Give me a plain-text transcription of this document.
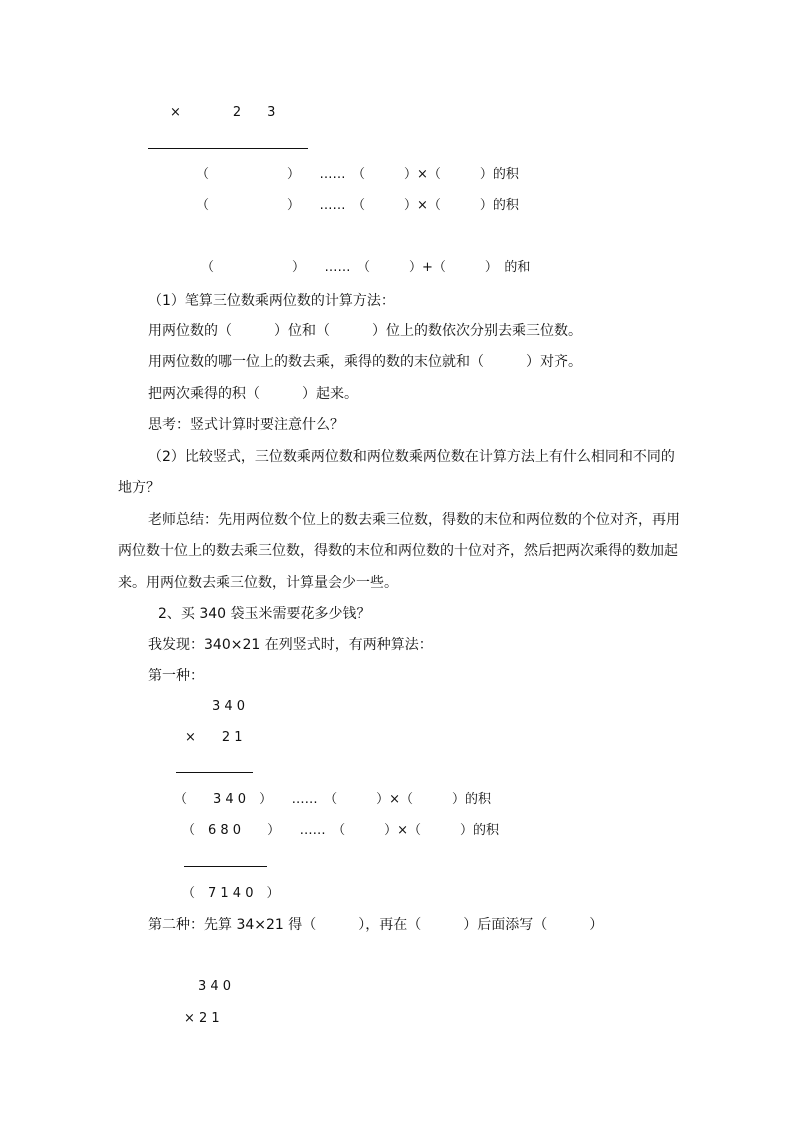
×　　　　2　　3
（　　　　　　）　　……　（　　　）×（　　　）的积
（　　　　　　）　　……　（　　　）×（　　　）的积
（　　　　　　）　　……　（　　　）+（　　　）　的和
（1）笔算三位数乘两位数的计算方法：
用两位数的（　　　）位和（　　　）位上的数依次分别去乘三位数。
用两位数的哪一位上的数去乘，乘得的数的末位就和（　　　）对齐。
把两次乘得的积（　　　）起来。
思考：竖式计算时要注意什么？
（2）比较竖式，三位数乘两位数和两位数乘两位数在计算方法上有什么相同和不同的
地方？
老师总结：先用两位数个位上的数去乘三位数，得数的末位和两位数的个位对齐，再用
两位数十位上的数去乘三位数，得数的末位和两位数的十位对齐，然后把两次乘得的数加起
来。用两位数去乘三位数，计算量会少一些。
2、买 340 袋玉米需要花多少钱？
我发现：340×21 在列竖式时，有两种算法：
第一种：
3 4 0
×　　2 1
（　　3 4 0　）　　……　（　　　）×（　　　）的积
（　6 8 0　　）　　……　（　　　）×（　　　）的积
（　7 1 4 0　）
第二种：先算 34×21 得（　　　），再在（　　　）后面添写（　　　）
3 4 0
× 2 1
